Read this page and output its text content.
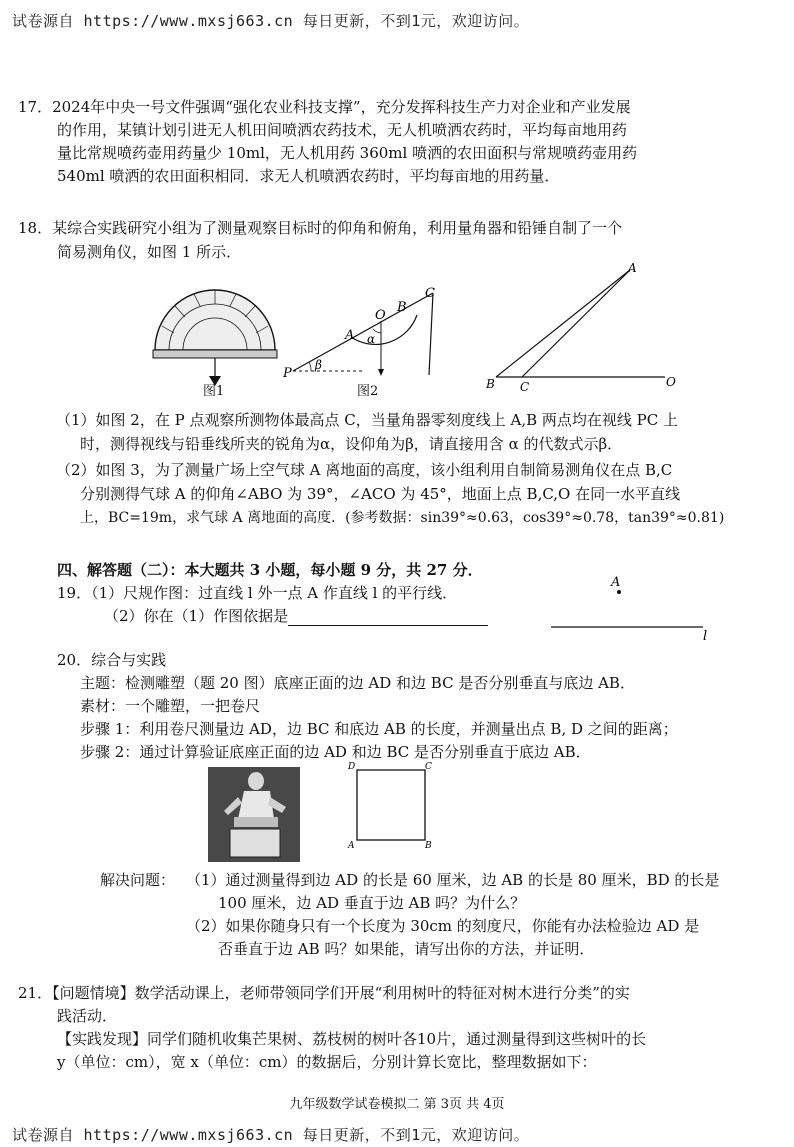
试卷源自 https://www.mxsj663.cn 每日更新，不到1元，欢迎访问。
17．2024年中央一号文件强调“强化农业科技支撑”，充分发挥科技生产力对企业和产业发展
的作用，某镇计划引进无人机田间喷洒农药技术，无人机喷洒农药时，平均每亩地用药
量比常规喷药壶用药量少 10ml，无人机用药 360ml 喷洒的农田面积与常规喷药壶用药
540ml 喷洒的农田面积相同．求无人机喷洒农药时，平均每亩地的用药量．
18．某综合实践研究小组为了测量观察目标时的仰角和俯角，利用量角器和铅锤自制了一个
简易测角仪，如图 1 所示．
图1
C
B
O
A α
β
P
图2
A
B C	O
（1）如图 2，在 P 点观察所测物体最高点 C，当量角器零刻度线上 A,B 两点均在视线 PC 上
时，测得视线与铅垂线所夹的锐角为α，设仰角为β，请直接用含 α 的代数式示β．
（2）如图 3，为了测量广场上空气球 A 离地面的高度，该小组利用自制简易测角仪在点 B,C
分别测得气球 A 的仰角∠ABO 为 39°，∠ACO 为 45°，地面上点 B,C,O 在同一水平直线
上，BC=19m，求气球 A 离地面的高度．(参考数据：sin39°≈0.63，cos39°≈0.78，tan39°≈0.81)
四、解答题（二）：本大题共 3 小题，每小题 9 分，共 27 分．
19．（1）尺规作图：过直线 l 外一点 A 作直线 l 的平行线．
（2）你在（1）作图依据是
A
l
20．综合与实践
主题：检测雕塑（题 20 图）底座正面的边 AD 和边 BC 是否分别垂直与底边 AB．
素材：一个雕塑，一把卷尺
步骤 1：利用卷尺测量边 AD，边 BC 和底边 AB 的长度，并测量出点 B, D 之间的距离；
步骤 2：通过计算验证底座正面的边 AD 和边 BC 是否分别垂直于底边 AB．
D	C
A	B
解决问题： （1）通过测量得到边 AD 的长是 60 厘米，边 AB 的长是 80 厘米，BD 的长是
100 厘米，边 AD 垂直于边 AB 吗？为什么？
（2）如果你随身只有一个长度为 30cm 的刻度尺，你能有办法检验边 AD 是
否垂直于边 AB 吗？如果能，请写出你的方法，并证明．
21．【问题情境】数学活动课上，老师带领同学们开展“利用树叶的特征对树木进行分类”的实
践活动．
【实践发现】同学们随机收集芒果树、荔枝树的树叶各10片，通过测量得到这些树叶的长
y（单位：cm），宽 x（单位：cm）的数据后，分别计算长宽比，整理数据如下：
九年级数学试卷模拟二 第 3页 共 4页
试卷源自 https://www.mxsj663.cn 每日更新，不到1元，欢迎访问。
